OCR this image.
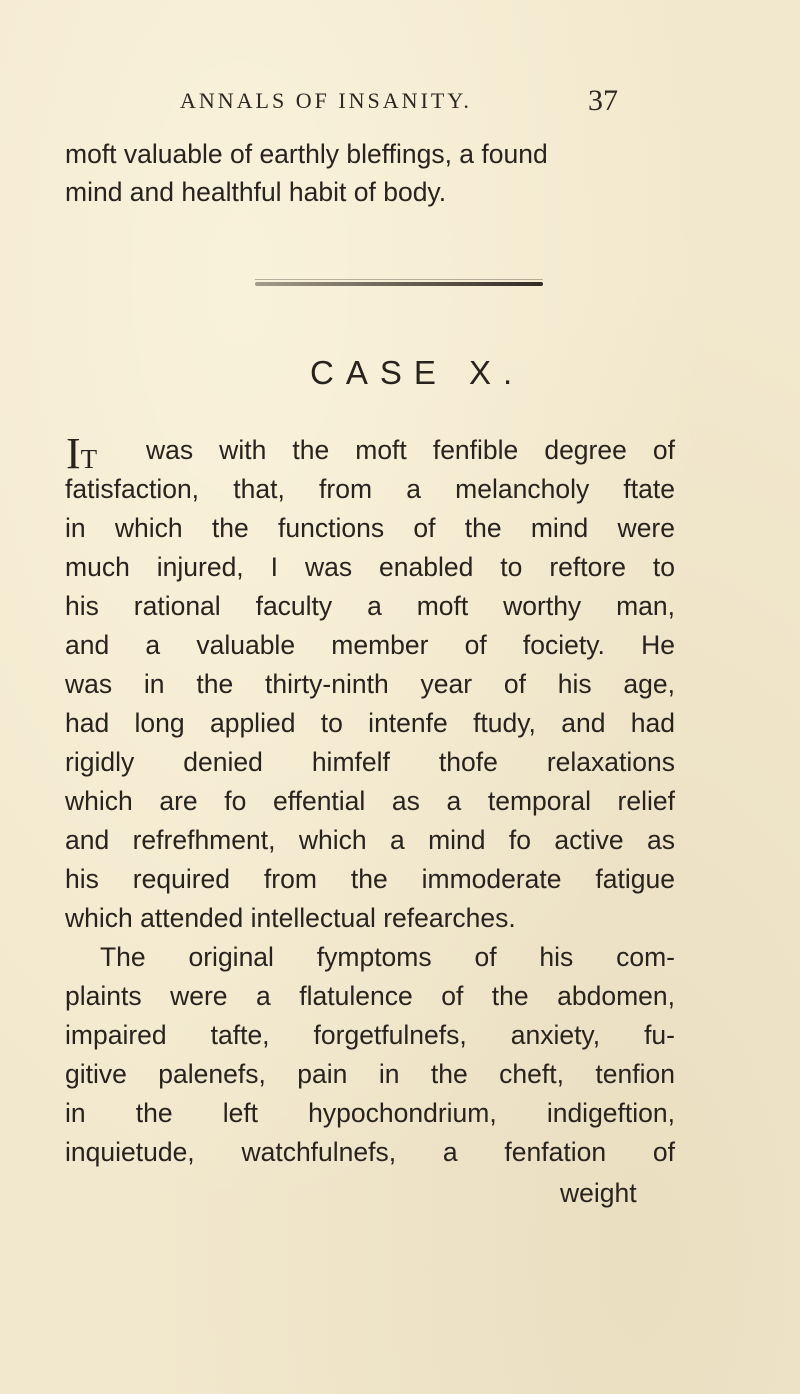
ANNALS OF INSANITY.	37
moft valuable of earthly bleffings, a found
mind and healthful habit of body.
CASE X.
IT	was with the moft fenfible degree of
fatisfaction, that, from a melancholy ftate
in which the functions of the mind were
much injured, I was enabled to reftore to
his rational faculty a moft worthy man,
and a valuable member of fociety. He
was in the thirty-ninth year of his age,
had long applied to intenfe ftudy, and had
rigidly denied himfelf thofe relaxations
which are fo effential as a temporal relief
and refrefhment, which a mind fo active as
his required from the immoderate fatigue
which attended intellectual refearches.
The original fymptoms of his com-
plaints were a flatulence of the abdomen,
impaired tafte, forgetfulnefs, anxiety, fu-
gitive palenefs, pain in the cheft, tenfion
in the left hypochondrium, indigeftion,
inquietude, watchfulnefs, a fenfation of
weight
